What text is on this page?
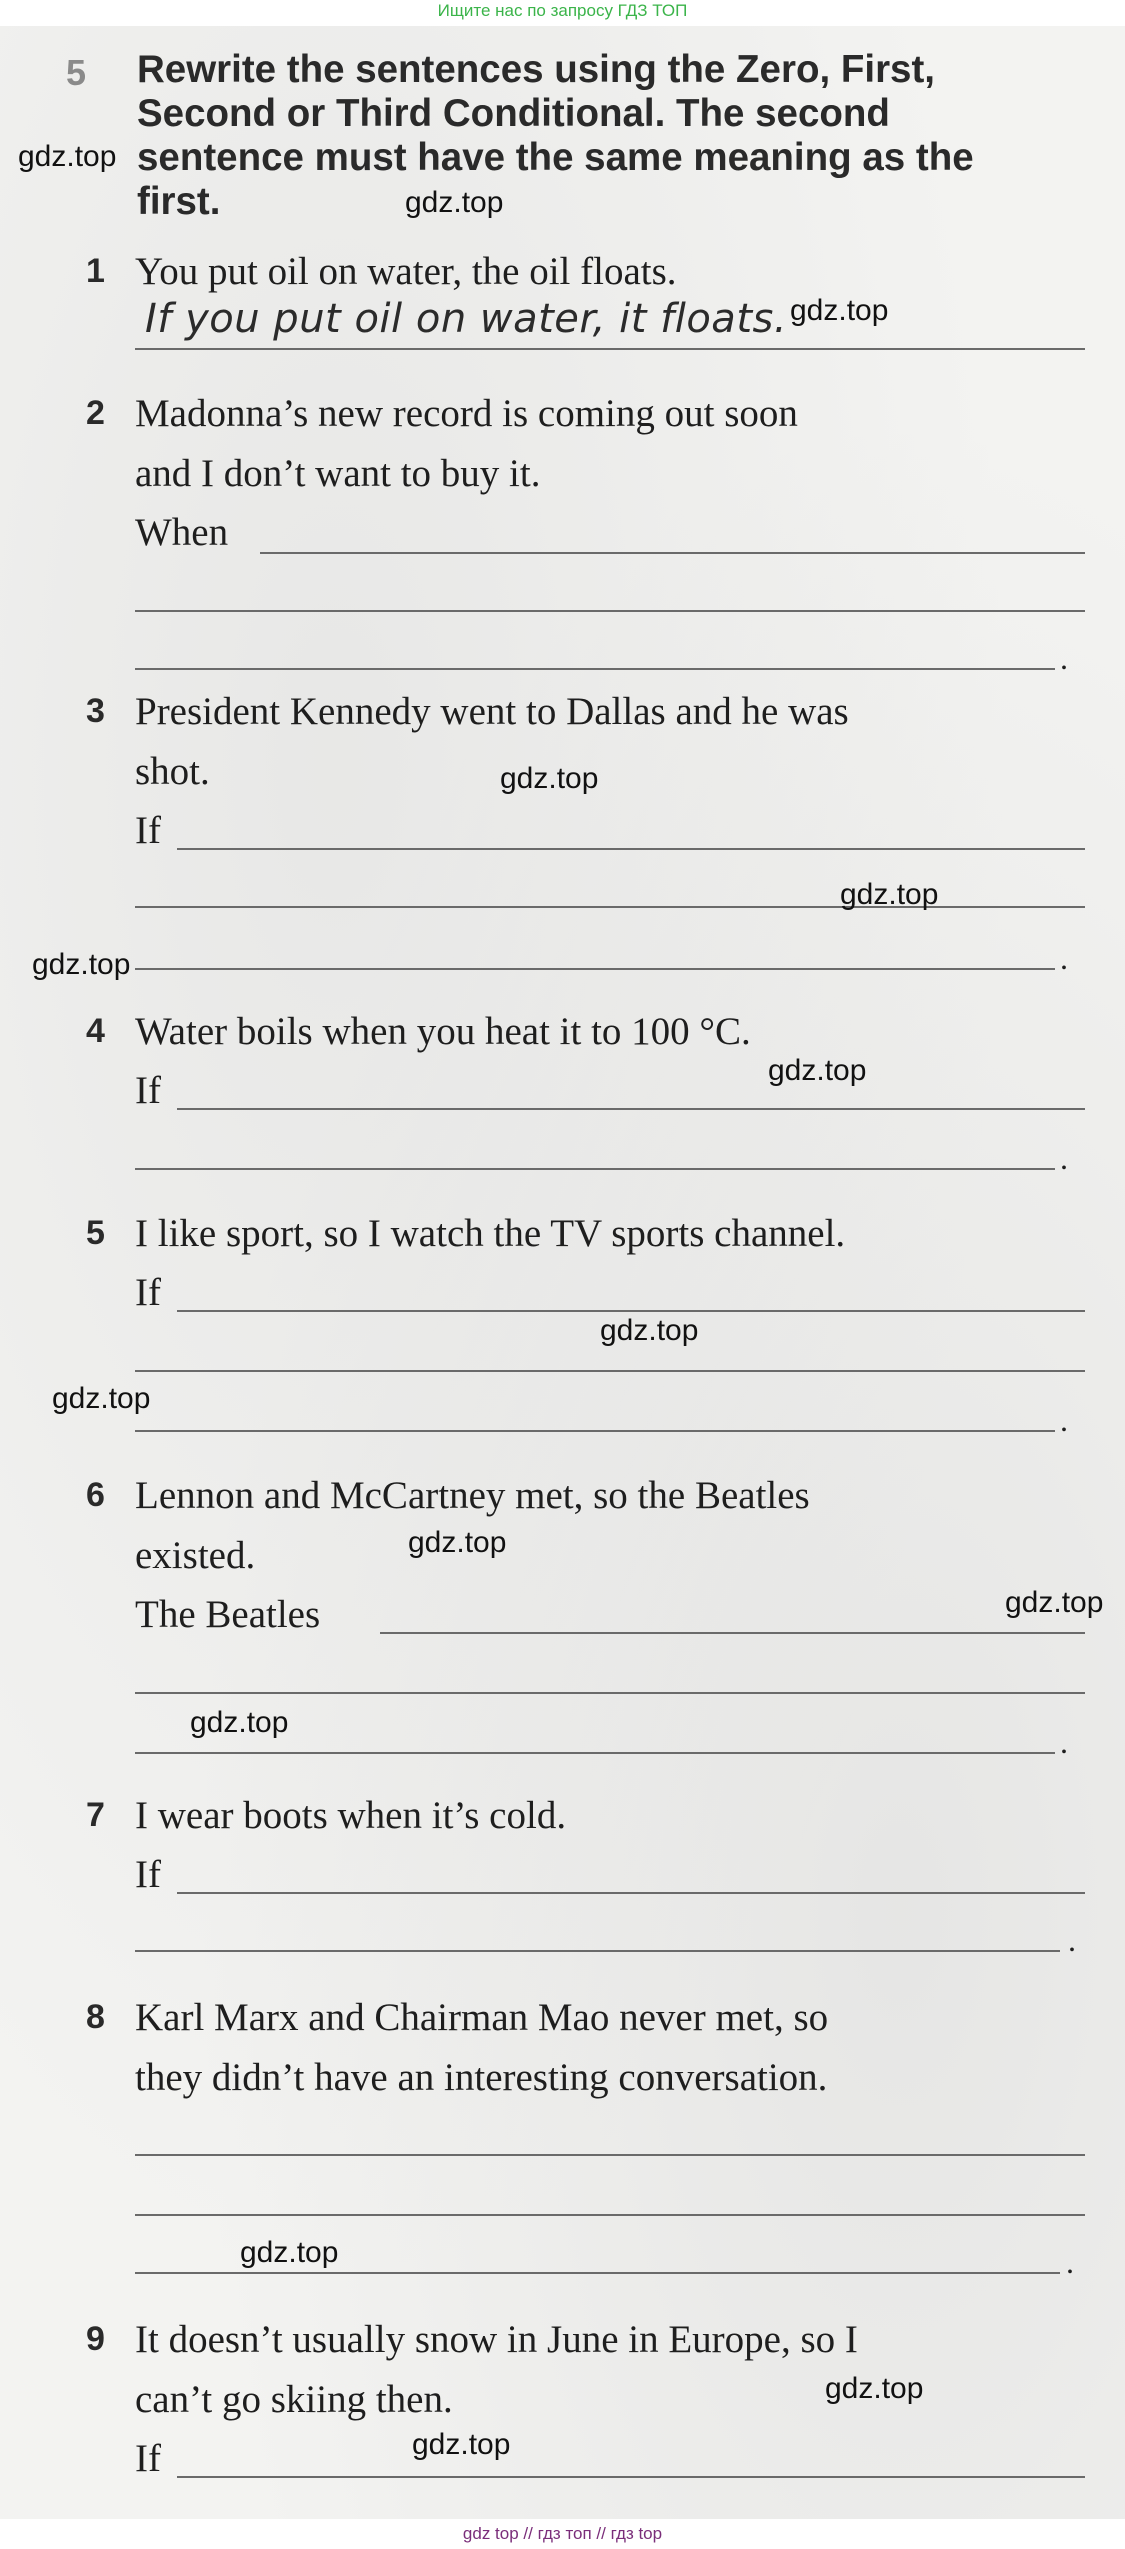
Ищите нас по запросу ГДЗ ТОП
5 Rewrite the sentences using the Zero, First, Second or Third Conditional. The second sentence must have the same meaning as the first.
1 You put oil on water, the oil floats.
If you put oil on water, it floats.
2 Madonna’s new record is coming out soon
and I don’t want to buy it.
When
.
3 President Kennedy went to Dallas and he was
shot.
If
.
4 Water boils when you heat it to 100 °C.
If
.
5 I like sport, so I watch the TV sports channel.
If
.
6 Lennon and McCartney met, so the Beatles
existed.
The Beatles
.
7 I wear boots when it’s cold.
If
.
8 Karl Marx and Chairman Mao never met, so
they didn’t have an interesting conversation.
.
9 It doesn’t usually snow in June in Europe, so I
can’t go skiing then.
If
gdz.top
gdz.top
gdz.top
gdz.top
gdz.top
gdz.top
gdz.top
gdz.top
gdz.top
gdz.top
gdz.top
gdz.top
gdz.top
gdz.top
gdz.top
gdz top // гдз топ // гдз top
